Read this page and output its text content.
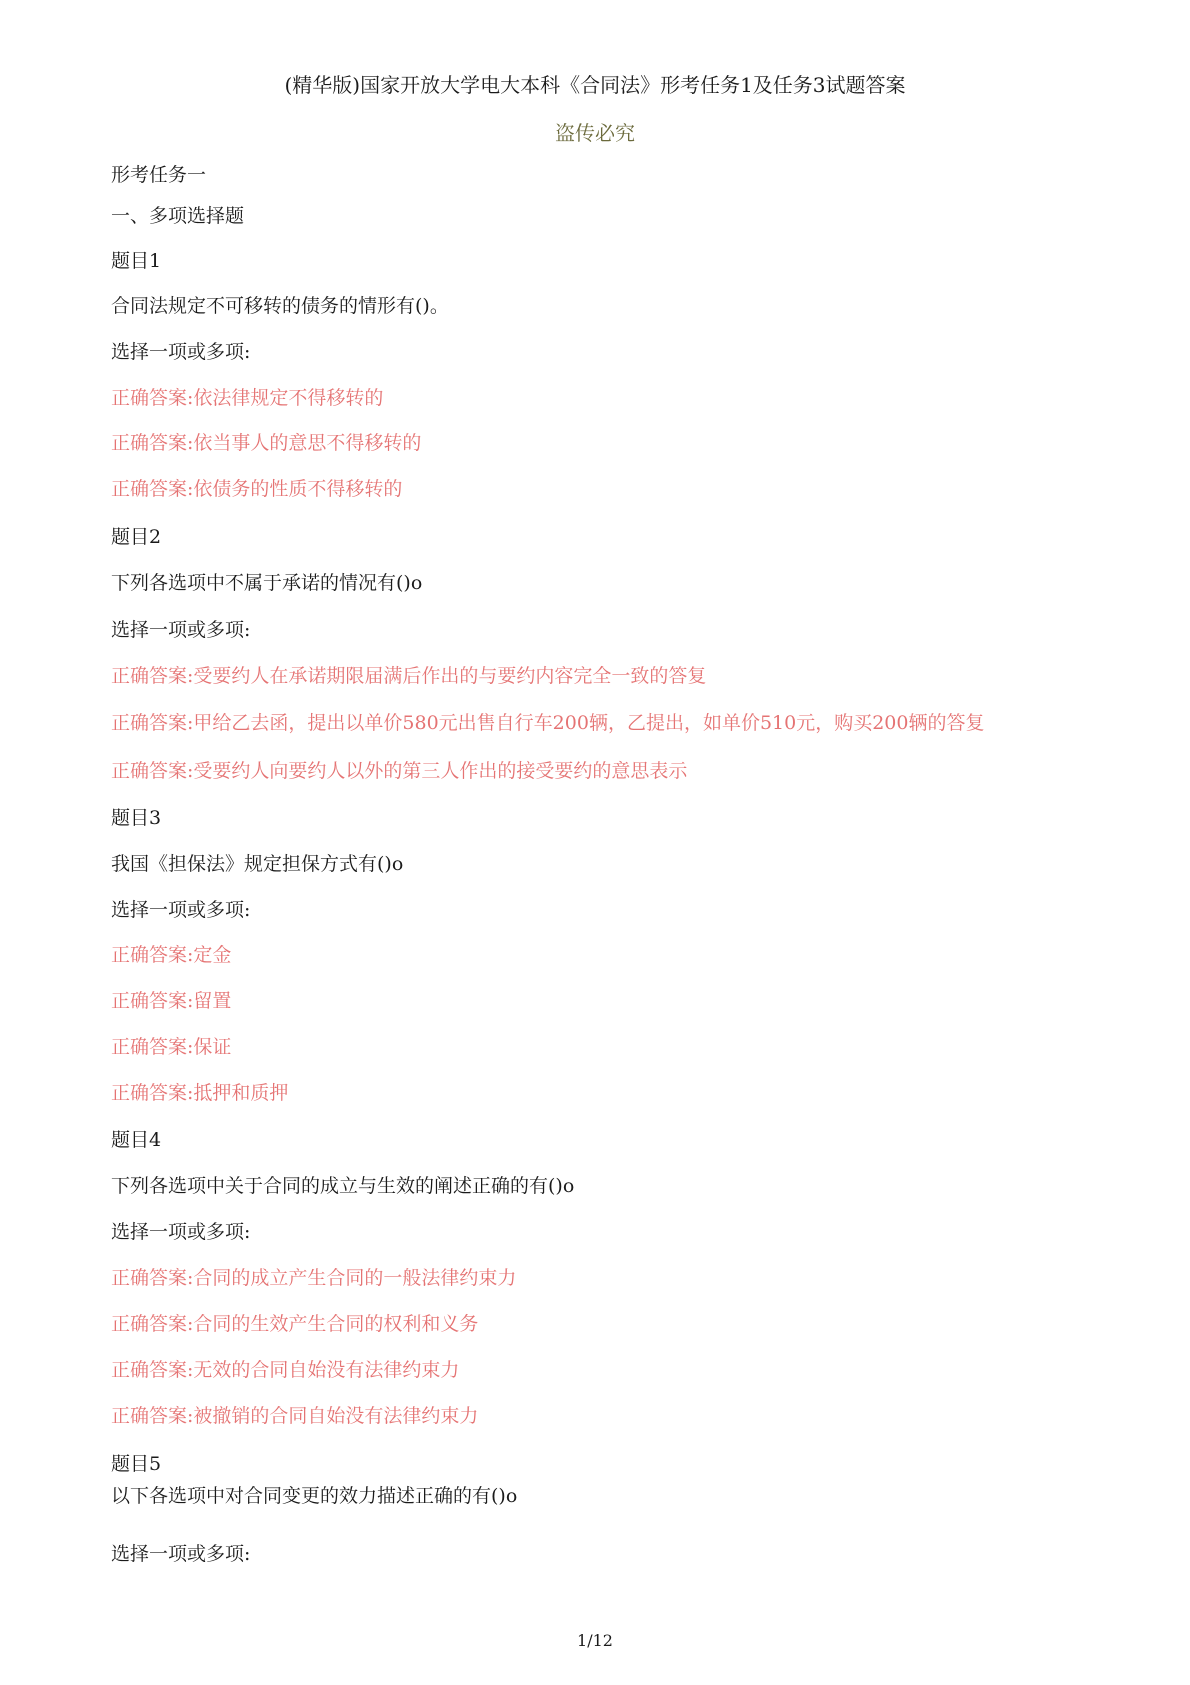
(精华版)国家开放大学电大本科《合同法》形考任务1及任务3试题答案
盗传必究
形考任务一
一、多项选择题
题目1
合同法规定不可移转的债务的情形有()。
选择一项或多项:
正确答案:依法律规定不得移转的
正确答案:依当事人的意思不得移转的
正确答案:依债务的性质不得移转的
题目2
下列各选项中不属于承诺的情况有()o
选择一项或多项:
正确答案:受要约人在承诺期限届满后作出的与要约内容完全一致的答复
正确答案:甲给乙去函，提出以单价580元出售自行车200辆，乙提出，如单价510元，购买200辆的答复
正确答案:受要约人向要约人以外的第三人作出的接受要约的意思表示
题目3
我国《担保法》规定担保方式有()o
选择一项或多项:
正确答案:定金
正确答案:留置
正确答案:保证
正确答案:抵押和质押
题目4
下列各选项中关于合同的成立与生效的阐述正确的有()o
选择一项或多项:
正确答案:合同的成立产生合同的一般法律约束力
正确答案:合同的生效产生合同的权利和义务
正确答案:无效的合同自始没有法律约束力
正确答案:被撤销的合同自始没有法律约束力
题目5
以下各选项中对合同变更的效力描述正确的有()o
选择一项或多项:
1/12
